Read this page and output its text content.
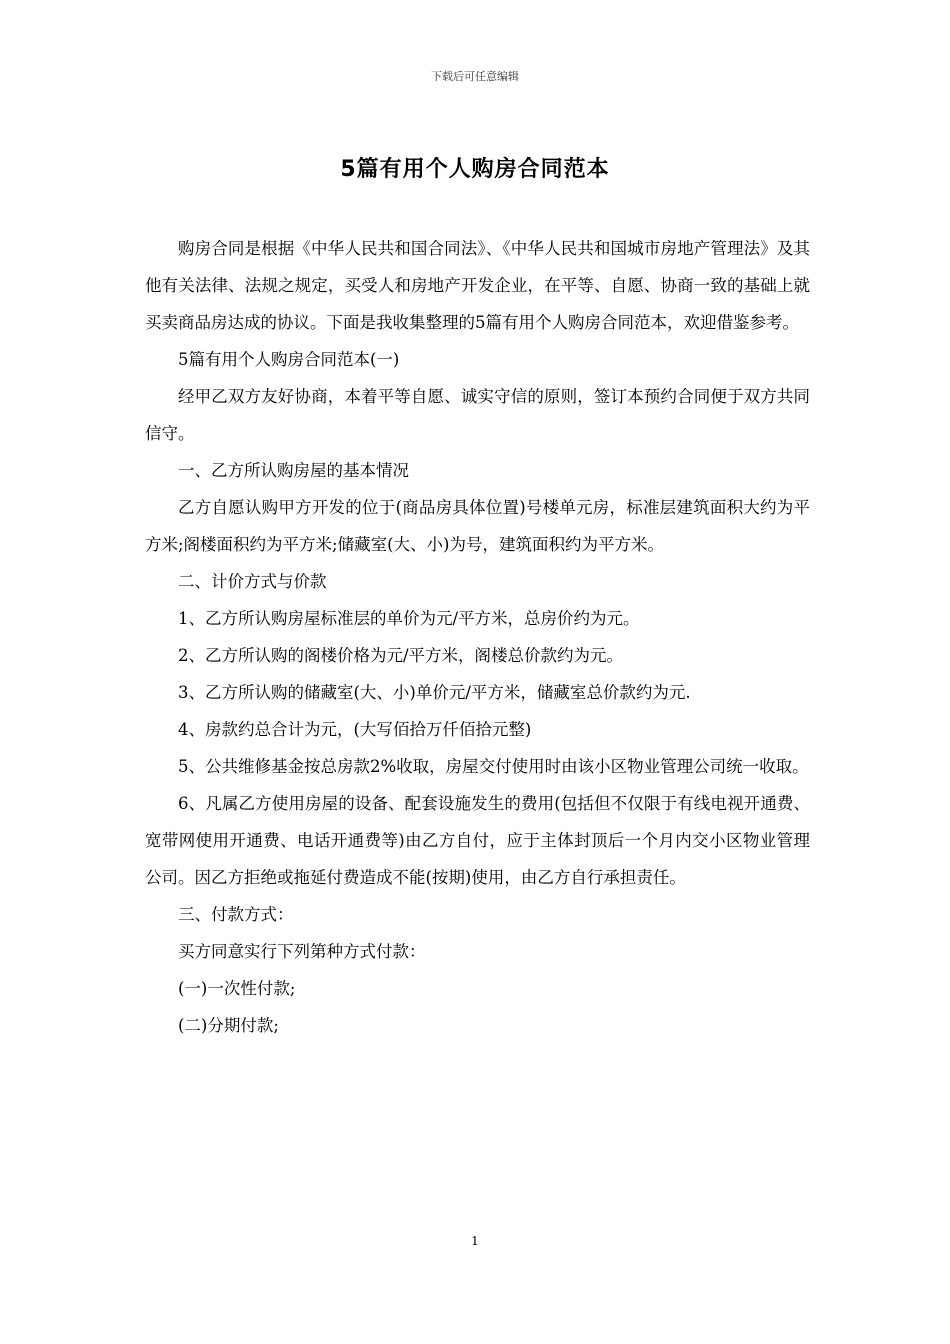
下载后可任意编辑
5篇有用个人购房合同范本

购房合同是根据《中华人民共和国合同法》、《中华人民共和国城市房地产管理法》及其他有关法律、法规之规定，买受人和房地产开发企业，在平等、自愿、协商一致的基础上就买卖商品房达成的协议。下面是我收集整理的5篇有用个人购房合同范本，欢迎借鉴参考。

5篇有用个人购房合同范本(一)

经甲乙双方友好协商，本着平等自愿、诚实守信的原则，签订本预约合同便于双方共同信守。

一、乙方所认购房屋的基本情况

乙方自愿认购甲方开发的位于(商品房具体位置)号楼单元房，标准层建筑面积大约为平方米;阁楼面积约为平方米;储藏室(大、小)为号，建筑面积约为平方米。

二、计价方式与价款

1、乙方所认购房屋标准层的单价为元/平方米，总房价约为元。

2、乙方所认购的阁楼价格为元/平方米，阁楼总价款约为元。

3、乙方所认购的储藏室(大、小)单价元/平方米，储藏室总价款约为元.

4、房款约总合计为元，(大写佰拾万仟佰拾元整)

5、公共维修基金按总房款2%收取，房屋交付使用时由该小区物业管理公司统一收取。

6、凡属乙方使用房屋的设备、配套设施发生的费用(包括但不仅限于有线电视开通费、宽带网使用开通费、电话开通费等)由乙方自付，应于主体封顶后一个月内交小区物业管理公司。因乙方拒绝或拖延付费造成不能(按期)使用，由乙方自行承担责任。

三、付款方式：

买方同意实行下列第种方式付款：

(一)一次性付款;

(二)分期付款;

1
